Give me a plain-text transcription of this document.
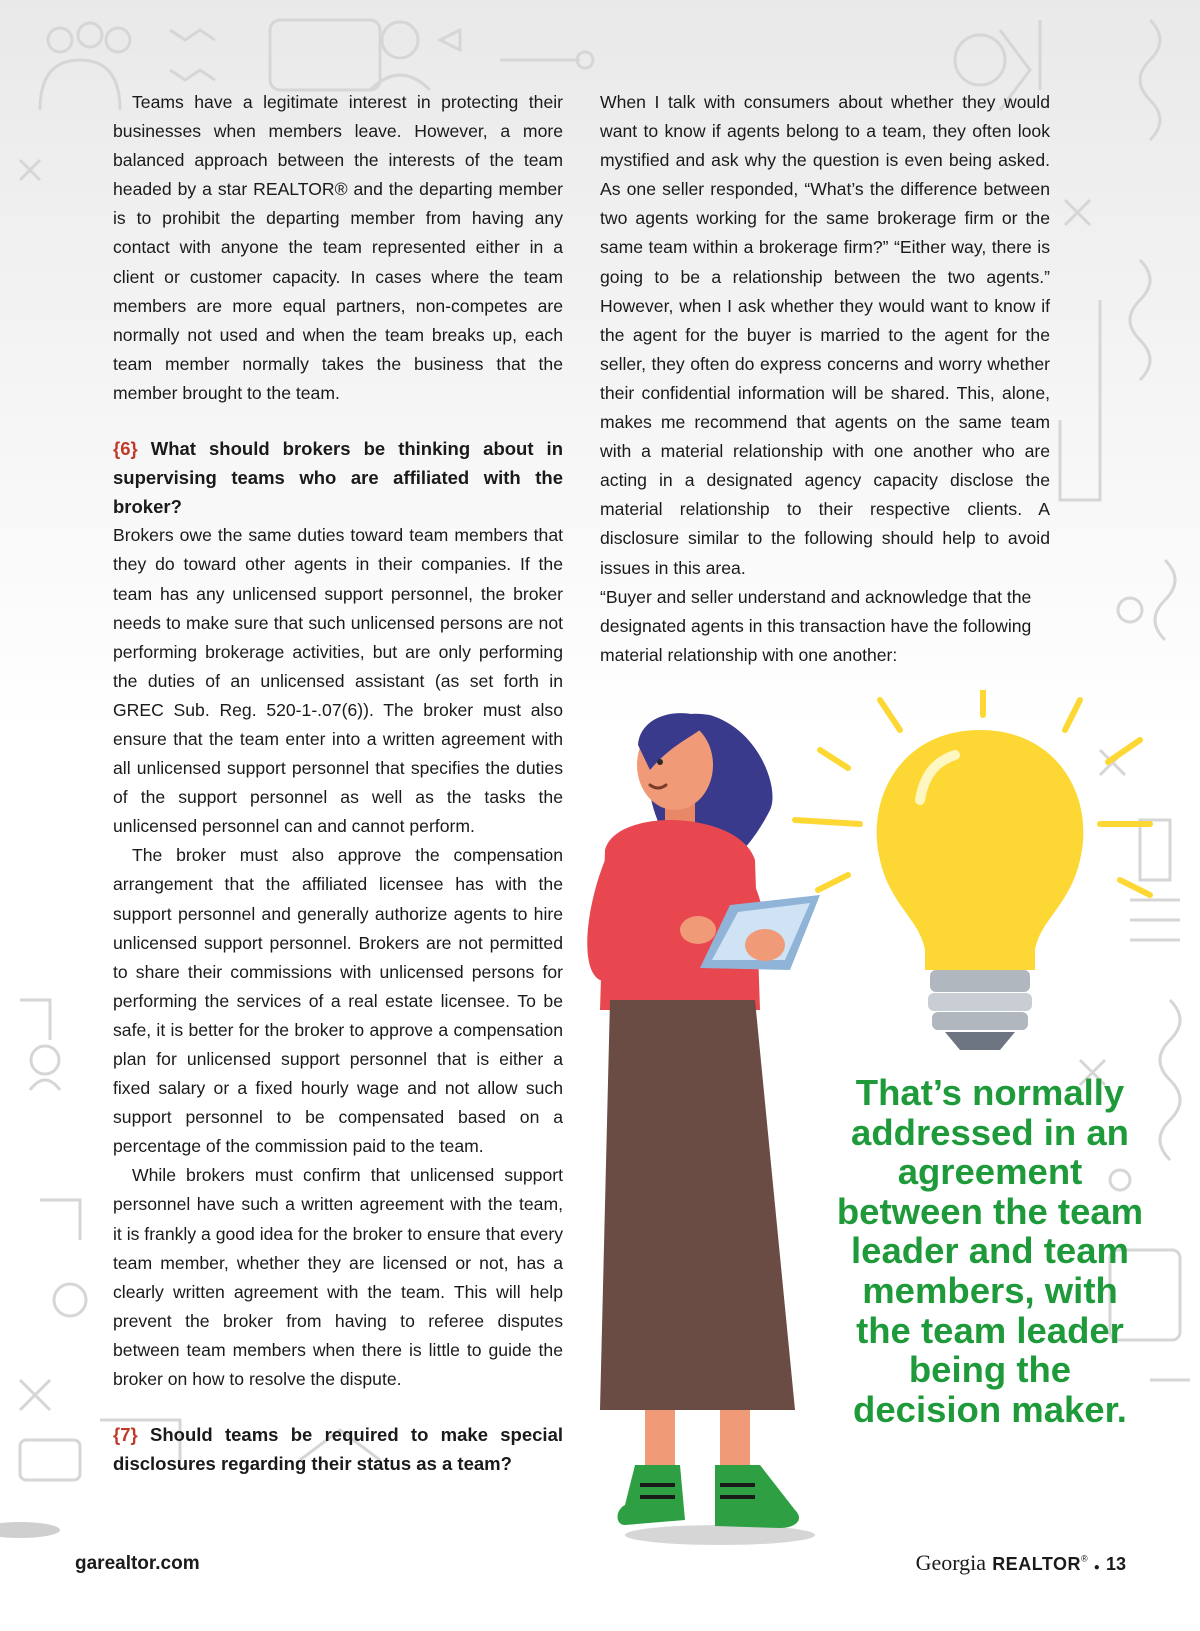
Teams have a legitimate interest in protecting their businesses when members leave. However, a more balanced approach between the interests of the team headed by a star REALTOR® and the departing member is to prohibit the departing member from having any contact with anyone the team represented either in a client or customer capacity. In cases where the team members are more equal partners, non-competes are normally not used and when the team breaks up, each team member normally takes the business that the member brought to the team.

{6} What should brokers be thinking about in supervising teams who are affiliated with the broker?

Brokers owe the same duties toward team members that they do toward other agents in their companies. If the team has any unlicensed support personnel, the broker needs to make sure that such unlicensed persons are not performing brokerage activities, but are only performing the duties of an unlicensed assistant (as set forth in GREC Sub. Reg. 520-1-.07(6)). The broker must also ensure that the team enter into a written agreement with all unlicensed support personnel that specifies the duties of the support personnel as well as the tasks the unlicensed personnel can and cannot perform.

The broker must also approve the compensation arrangement that the affiliated licensee has with the support personnel and generally authorize agents to hire unlicensed support personnel. Brokers are not permitted to share their commissions with unlicensed persons for performing the services of a real estate licensee. To be safe, it is better for the broker to approve a compensation plan for unlicensed support personnel that is either a fixed salary or a fixed hourly wage and not allow such support personnel to be compensated based on a percentage of the commission paid to the team.

While brokers must confirm that unlicensed support personnel have such a written agreement with the team, it is frankly a good idea for the broker to ensure that every team member, whether they are licensed or not, has a clearly written agreement with the team. This will help prevent the broker from having to referee disputes between team members when there is little to guide the broker on how to resolve the dispute.

{7} Should teams be required to make special disclosures regarding their status as a team?

When I talk with consumers about whether they would want to know if agents belong to a team, they often look mystified and ask why the question is even being asked. As one seller responded, “What’s the difference between two agents working for the same brokerage firm or the same team within a brokerage firm?” “Either way, there is going to be a relationship between the two agents.” However, when I ask whether they would want to know if the agent for the buyer is married to the agent for the seller, they often do express concerns and worry whether their confidential information will be shared. This, alone, makes me recommend that agents on the same team with a material relationship with one another who are acting in a designated agency capacity disclose the material relationship to their respective clients. A disclosure similar to the following should help to avoid issues in this area.

“Buyer and seller understand and acknowledge that the designated agents in this transaction have the following material relationship with one another:

That’s normally addressed in an agreement between the team leader and team members, with the team leader being the decision maker.
garealtor.com	Georgia REALTOR® ● 13
